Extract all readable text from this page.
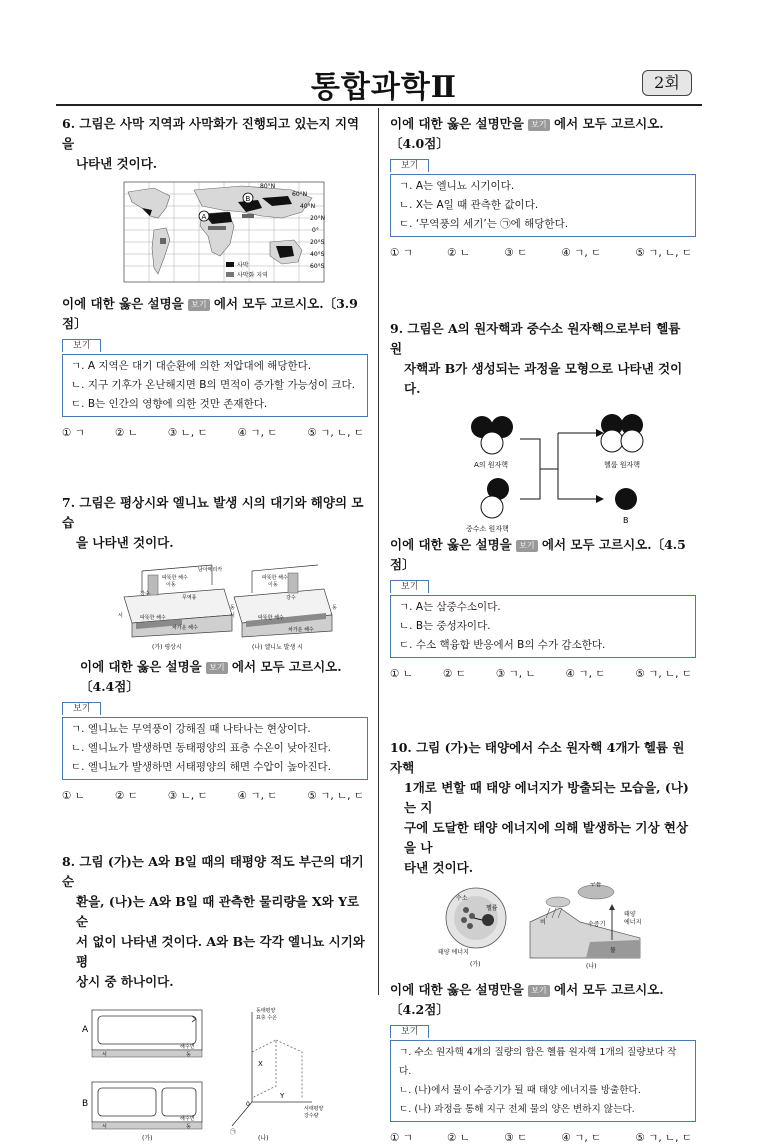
통합과학Ⅱ	2회
6. 그림은 사막 지역과 사막화가 진행되고 있는지 지역을
나타낸 것이다.
A
B
80°N
60°N
40°N
20°N
0°
20°S
40°S
60°S
사막
사막화 지역
이에 대한 옳은 설명을 보기 에서 모두 고르시오.〔3.9점〕
보기
ㄱ. A 지역은 대기 대순환에 의한 저압대에 해당한다.
ㄴ. 지구 기후가 온난해지면 B의 면적이 증가할 가능성이 크다.
ㄷ. B는 인간의 영향에 의한 것만 존재한다.
① ㄱ	② ㄴ	③ ㄴ, ㄷ	④ ㄱ, ㄷ	⑤ ㄱ, ㄴ, ㄷ
7. 그림은 평상시와 엘니뇨 발생 시의 대기와 해양의 모습
을 나타낸 것이다.
따뜻한 해수
이동
강수
무역풍
남아메리카
따뜻한 해수
차가운 해수
서
동
(가) 평상시
따뜻한 해수
이동
강수
따뜻한 해수
차가운 해수
서
동
(나) 엘니뇨 발생 시
이에 대한 옳은 설명을 보기 에서 모두 고르시오.〔4.4점〕
보기
ㄱ. 엘니뇨는 무역풍이 강해질 때 나타나는 현상이다.
ㄴ. 엘니뇨가 발생하면 동태평양의 표층 수온이 낮아진다.
ㄷ. 엘니뇨가 발생하면 서태평양의 해면 수압이 높아진다.
① ㄴ	② ㄷ	③ ㄴ, ㄷ	④ ㄱ, ㄷ	⑤ ㄱ, ㄴ, ㄷ
8. 그림 (가)는 A와 B일 때의 태평양 적도 부근의 대기 순
환을, (나)는 A와 B일 때 관측한 물리량을 X와 Y로 순
서 없이 나타낸 것이다. A와 B는 각각 엘니뇨 시기와 평
상시 중 하나이다.
A
서	동
해수면
B
서	동
해수면
(가)
동태평양
표층 수온
서태평양
강수량
X
Y
0
㉠
(나)
이에 대한 옳은 설명만을 보기 에서 모두 고르시오.〔4.0점〕
보기
ㄱ. A는 엘니뇨 시기이다.
ㄴ. X는 A일 때 관측한 값이다.
ㄷ. ‘무역풍의 세기’는 ㉠에 해당한다.
① ㄱ	② ㄴ	③ ㄷ	④ ㄱ, ㄷ	⑤ ㄱ, ㄴ, ㄷ
9. 그림은 A의 원자핵과 중수소 원자핵으로부터 헬륨 원
자핵과 B가 생성되는 과정을 모형으로 나타낸 것이다.
A의 원자핵
중수소 원자핵
헬륨 원자핵
B
이에 대한 옳은 설명을 보기 에서 모두 고르시오.〔4.5점〕
보기
ㄱ. A는 삼중수소이다.
ㄴ. B는 중성자이다.
ㄷ. 수소 핵융합 반응에서 B의 수가 감소한다.
① ㄴ	② ㄷ	③ ㄱ, ㄴ	④ ㄱ, ㄷ	⑤ ㄱ, ㄴ, ㄷ
10. 그림 (가)는 태양에서 수소 원자핵 4개가 헬륨 원자핵
1개로 변할 때 태양 에너지가 방출되는 모습을, (나)는 지
구에 도달한 태양 에너지에 의해 발생하는 기상 현상을 나
타낸 것이다.
수소
헬륨
태양 에너지
(가)
구름
비	수증기
태양
에너지
물
(나)
이에 대한 옳은 설명만을 보기 에서 모두 고르시오.〔4.2점〕
보기
ㄱ. 수소 원자핵 4개의 질량의 합은 헬륨 원자핵 1개의 질량보다 작다.
ㄴ. (나)에서 물이 수증기가 될 때 태양 에너지를 방출한다.
ㄷ. (나) 과정을 통해 지구 전체 물의 양은 변하지 않는다.
① ㄱ	② ㄴ	③ ㄷ	④ ㄱ, ㄷ	⑤ ㄱ, ㄴ, ㄷ
